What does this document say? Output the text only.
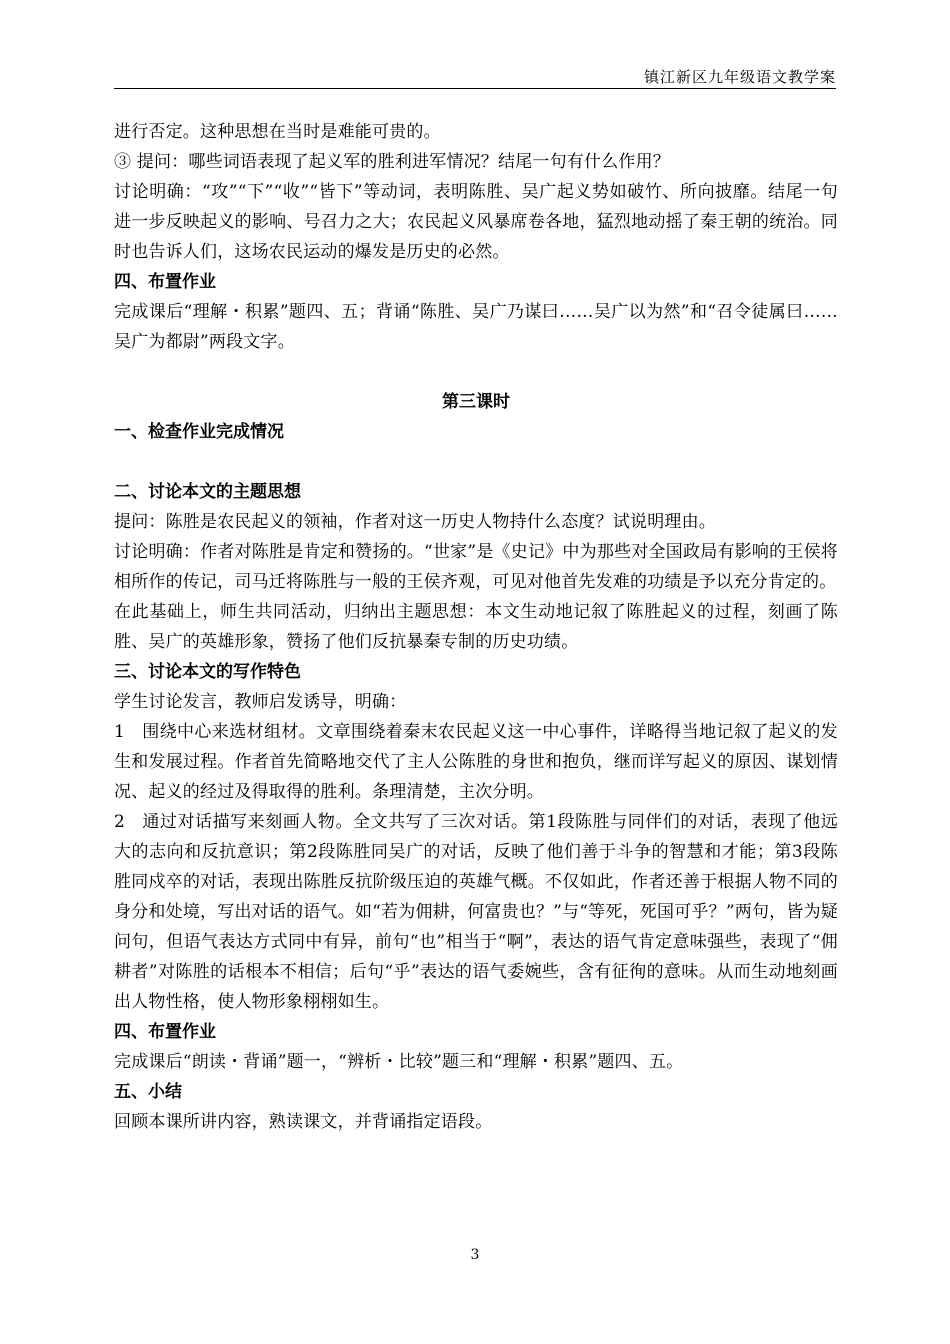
镇江新区九年级语文教学案

进行否定。这种思想在当时是难能可贵的。

③ 提问：哪些词语表现了起义军的胜利进军情况？结尾一句有什么作用？

讨论明确：“攻”“下”“收”“皆下”等动词，表明陈胜、吴广起义势如破竹、所向披靡。结尾一句进一步反映起义的影响、号召力之大；农民起义风暴席卷各地，猛烈地动摇了秦王朝的统治。同时也告诉人们，这场农民运动的爆发是历史的必然。

四、布置作业

完成课后“理解・积累”题四、五；背诵“陈胜、吴广乃谋曰……吴广以为然”和“召令徒属曰……吴广为都尉”两段文字。

第三课时
一、检查作业完成情况
二、讨论本文的主题思想

提问：陈胜是农民起义的领袖，作者对这一历史人物持什么态度？试说明理由。

讨论明确：作者对陈胜是肯定和赞扬的。“世家”是《史记》中为那些对全国政局有影响的王侯将相所作的传记，司马迁将陈胜与一般的王侯齐观，可见对他首先发难的功绩是予以充分肯定的。

在此基础上，师生共同活动，归纳出主题思想：本文生动地记叙了陈胜起义的过程，刻画了陈胜、吴广的英雄形象，赞扬了他们反抗暴秦专制的历史功绩。

三、讨论本文的写作特色

学生讨论发言，教师启发诱导，明确：

1 围绕中心来选材组材。文章围绕着秦末农民起义这一中心事件，详略得当地记叙了起义的发生和发展过程。作者首先简略地交代了主人公陈胜的身世和抱负，继而详写起义的原因、谋划情况、起义的经过及得取得的胜利。条理清楚，主次分明。

2 通过对话描写来刻画人物。全文共写了三次对话。第1段陈胜与同伴们的对话，表现了他远大的志向和反抗意识；第2段陈胜同吴广的对话，反映了他们善于斗争的智慧和才能；第3段陈胜同戍卒的对话，表现出陈胜反抗阶级压迫的英雄气概。不仅如此，作者还善于根据人物不同的身分和处境，写出对话的语气。如“若为佣耕，何富贵也？”与“等死，死国可乎？”两句，皆为疑问句，但语气表达方式同中有异，前句“也”相当于“啊”，表达的语气肯定意味强些，表现了“佣耕者”对陈胜的话根本不相信；后句“乎”表达的语气委婉些，含有征徇的意味。从而生动地刻画出人物性格，使人物形象栩栩如生。

四、布置作业

完成课后“朗读・背诵”题一，“辨析・比较”题三和“理解・积累”题四、五。

五、小结

回顾本课所讲内容，熟读课文，并背诵指定语段。

3
